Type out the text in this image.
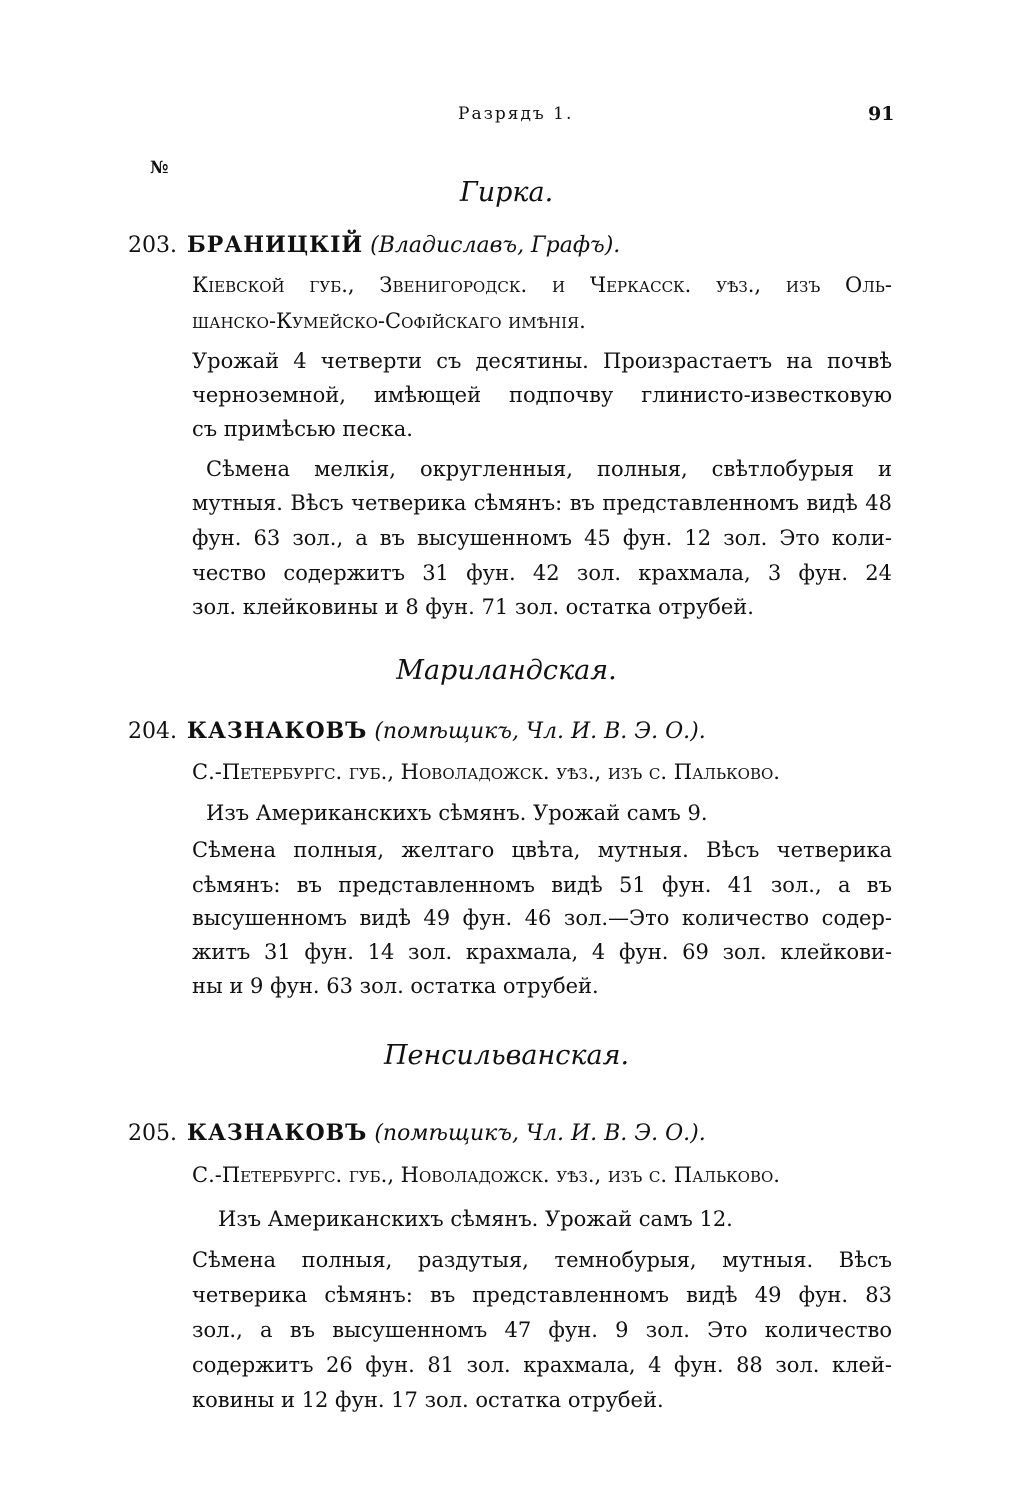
Разрядъ 1.	91
№
Гирка.
203. БРАНИЦКІЙ (Владиславъ, Графъ).
Кіевской губ., Звенигородск. и Черкасск. уѣз., изъ Оль-
шанско-Кумейско-Софійскаго имѣнія.
Урожай 4 четверти съ десятины. Произрастаетъ на почвѣ
черноземной, имѣющей подпочву глинисто-известковую
съ примѣсью песка.
Сѣмена мелкія, округленныя, полныя, свѣтлобурыя и
мутныя. Вѣсъ четверика сѣмянъ: въ представленномъ видѣ 48
фун. 63 зол., а въ высушенномъ 45 фун. 12 зол. Это коли-
чество содержитъ 31 фун. 42 зол. крахмала, 3 фун. 24
зол. клейковины и 8 фун. 71 зол. остатка отрубей.
Мариландская.
204. КАЗНАКОВЪ (помѣщикъ, Чл. И. В. Э. О.).
С.-Петербургс. губ., Новоладожск. уѣз., изъ с. Пальково.
Изъ Американскихъ сѣмянъ. Урожай самъ 9.
Сѣмена полныя, желтаго цвѣта, мутныя. Вѣсъ четверика
сѣмянъ: въ представленномъ видѣ 51 фун. 41 зол., а въ
высушенномъ видѣ 49 фун. 46 зол.—Это количество содер-
житъ 31 фун. 14 зол. крахмала, 4 фун. 69 зол. клейкови-
ны и 9 фун. 63 зол. остатка отрубей.
Пенсильванская.
205. КАЗНАКОВЪ (помѣщикъ, Чл. И. В. Э. О.).
С.-Петербургс. губ., Новоладожск. уѣз., изъ с. Пальково.
Изъ Американскихъ сѣмянъ. Урожай самъ 12.
Сѣмена полныя, раздутыя, темнобурыя, мутныя. Вѣсъ
четверика сѣмянъ: въ представленномъ видѣ 49 фун. 83
зол., а въ высушенномъ 47 фун. 9 зол. Это количество
содержитъ 26 фун. 81 зол. крахмала, 4 фун. 88 зол. клей-
ковины и 12 фун. 17 зол. остатка отрубей.
